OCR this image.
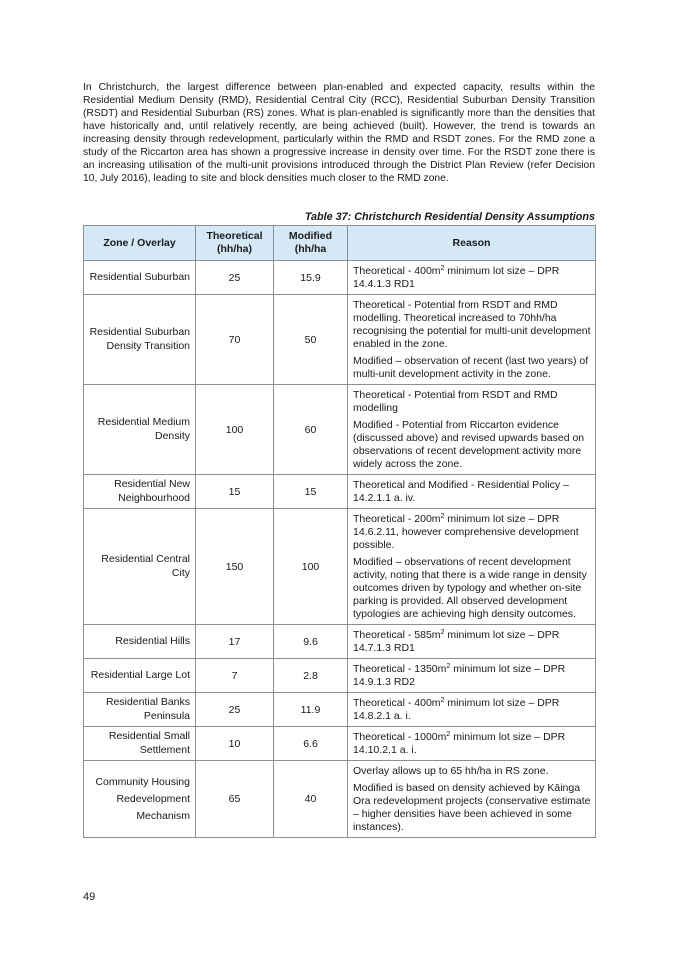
In Christchurch, the largest difference between plan-enabled and expected capacity, results within the Residential Medium Density (RMD), Residential Central City (RCC), Residential Suburban Density Transition (RSDT) and Residential Suburban (RS) zones. What is plan-enabled is significantly more than the densities that have historically and, until relatively recently, are being achieved (built). However, the trend is towards an increasing density through redevelopment, particularly within the RMD and RSDT zones. For the RMD zone a study of the Riccarton area has shown a progressive increase in density over time. For the RSDT zone there is an increasing utilisation of the multi-unit provisions introduced through the District Plan Review (refer Decision 10, July 2016), leading to site and block densities much closer to the RMD zone.

Table 37: Christchurch Residential Density Assumptions
Zone / Overlay	Theoretical (hh/ha)	Modified (hh/ha	Reason
Residential Suburban	25	15.9	Theoretical - $400m^2$ minimum lot size – DPR 14.4.1.3 RD1

Residential Suburban Density Transition	70	50	Theoretical - Potential from RSDT and RMD modelling. Theoretical increased to 70hh/ha recognising the potential for multi-unit development enabled in the zone.

Modified – observation of recent (last two years) of multi-unit development activity in the zone.

Residential Medium Density	100	60	Theoretical - Potential from RSDT and RMD modelling

Modified - Potential from Riccarton evidence (discussed above) and revised upwards based on observations of recent development activity more widely across the zone.

Residential New Neighbourhood	15	15	Theoretical and Modified - Residential Policy – 14.2.1.1 a. iv.

Residential Central City	150	100	Theoretical - $200m^2$ minimum lot size – DPR 14.6.2.11, however comprehensive development possible.

Modified – observations of recent development activity, noting that there is a wide range in density outcomes driven by typology and whether on-site parking is provided. All observed development typologies are achieving high density outcomes.

Residential Hills	17	9.6	Theoretical - $585m^2$ minimum lot size – DPR 14.7.1.3 RD1

Residential Large Lot	7	2.8	Theoretical - $1350m^2$ minimum lot size – DPR 14.9.1.3 RD2

Residential Banks Peninsula	25	11.9	Theoretical - $400m^2$ minimum lot size – DPR 14.8.2.1 a. i.

Residential Small Settlement	10	6.6	Theoretical - $1000m^2$ minimum lot size – DPR 14.10.2.1 a. i.

Community Housing Redevelopment Mechanism	65	40	Overlay allows up to 65 hh/ha in RS zone.

Modified is based on density achieved by Kāinga Ora redevelopment projects (conservative estimate – higher densities have been achieved in some instances).

49
